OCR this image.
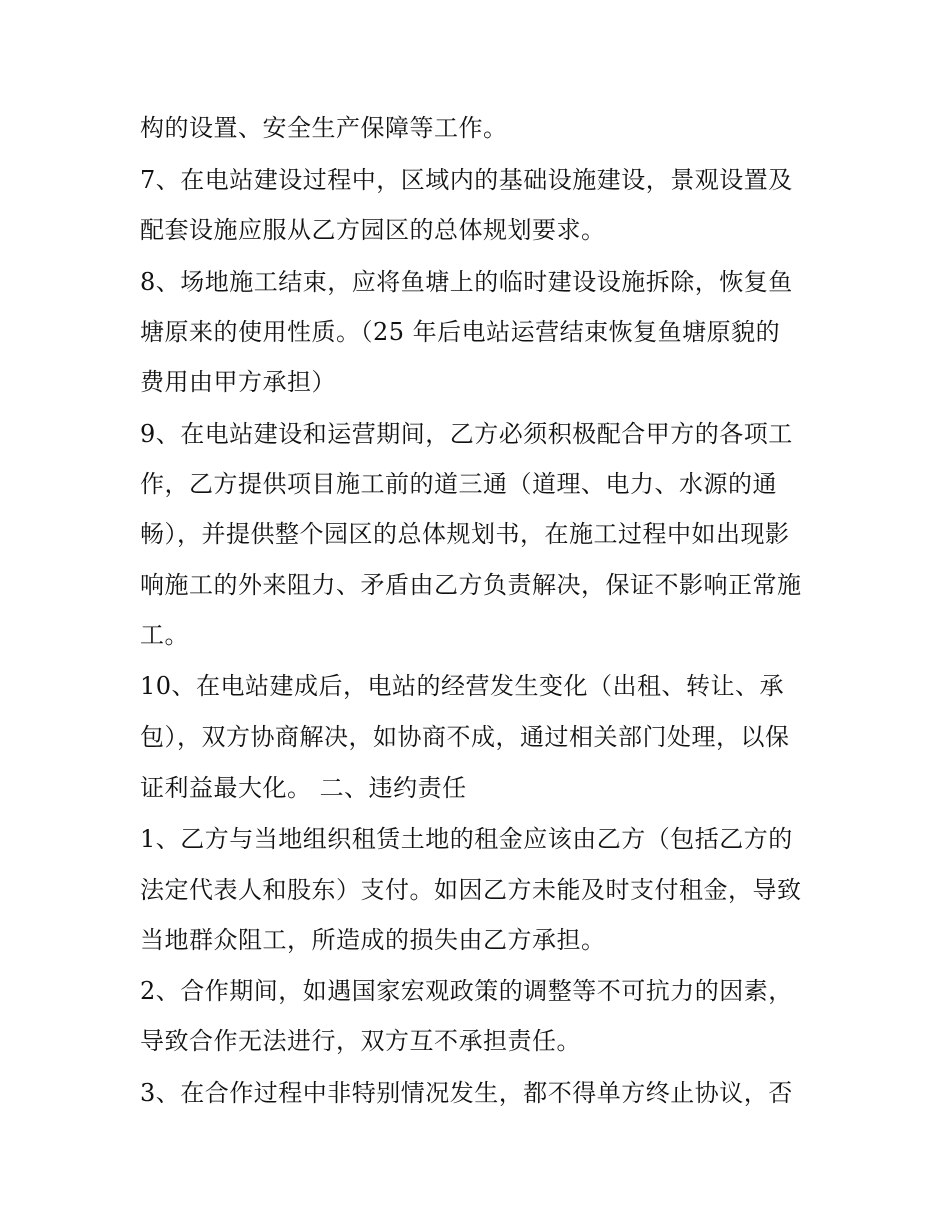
构的设置、安全生产保障等工作。
7、在电站建设过程中，区域内的基础设施建设，景观设置及
配套设施应服从乙方园区的总体规划要求。
8、场地施工结束，应将鱼塘上的临时建设设施拆除，恢复鱼
塘原来的使用性质。（25 年后电站运营结束恢复鱼塘原貌的
费用由甲方承担）
9、在电站建设和运营期间，乙方必须积极配合甲方的各项工
作，乙方提供项目施工前的道三通（道理、电力、水源的通
畅），并提供整个园区的总体规划书，在施工过程中如出现影
响施工的外来阻力、矛盾由乙方负责解决，保证不影响正常施
工。
10、在电站建成后，电站的经营发生变化（出租、转让、承
包），双方协商解决，如协商不成，通过相关部门处理，以保
证利益最大化。 二、违约责任
1、乙方与当地组织租赁土地的租金应该由乙方（包括乙方的
法定代表人和股东）支付。如因乙方未能及时支付租金，导致
当地群众阻工，所造成的损失由乙方承担。
2、合作期间，如遇国家宏观政策的调整等不可抗力的因素，
导致合作无法进行，双方互不承担责任。
3、在合作过程中非特别情况发生，都不得单方终止协议，否
